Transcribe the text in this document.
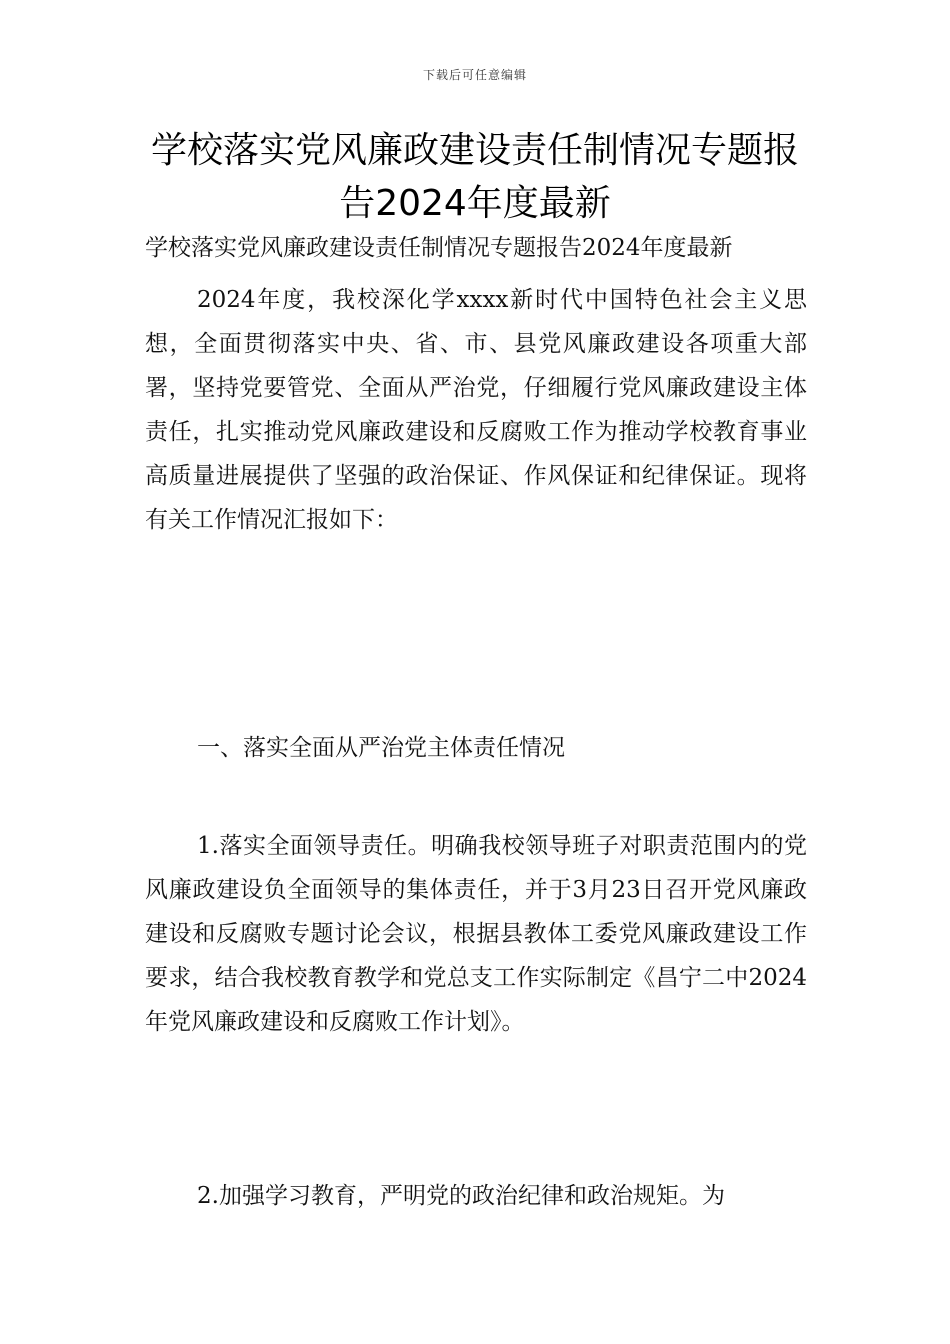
下载后可任意编辑
学校落实党风廉政建设责任制情况专题报告2024年度最新
学校落实党风廉政建设责任制情况专题报告2024年度最新
2024年度，我校深化学xxxx新时代中国特色社会主义思想，全面贯彻落实中央、省、市、县党风廉政建设各项重大部署，坚持党要管党、全面从严治党，仔细履行党风廉政建设主体责任，扎实推动党风廉政建设和反腐败工作为推动学校教育事业高质量进展提供了坚强的政治保证、作风保证和纪律保证。现将有关工作情况汇报如下：
一、落实全面从严治党主体责任情况
1.落实全面领导责任。明确我校领导班子对职责范围内的党风廉政建设负全面领导的集体责任，并于3月23日召开党风廉政建设和反腐败专题讨论会议，根据县教体工委党风廉政建设工作要求，结合我校教育教学和党总支工作实际制定《昌宁二中2024年党风廉政建设和反腐败工作计划》。
2.加强学习教育，严明党的政治纪律和政治规矩。为
